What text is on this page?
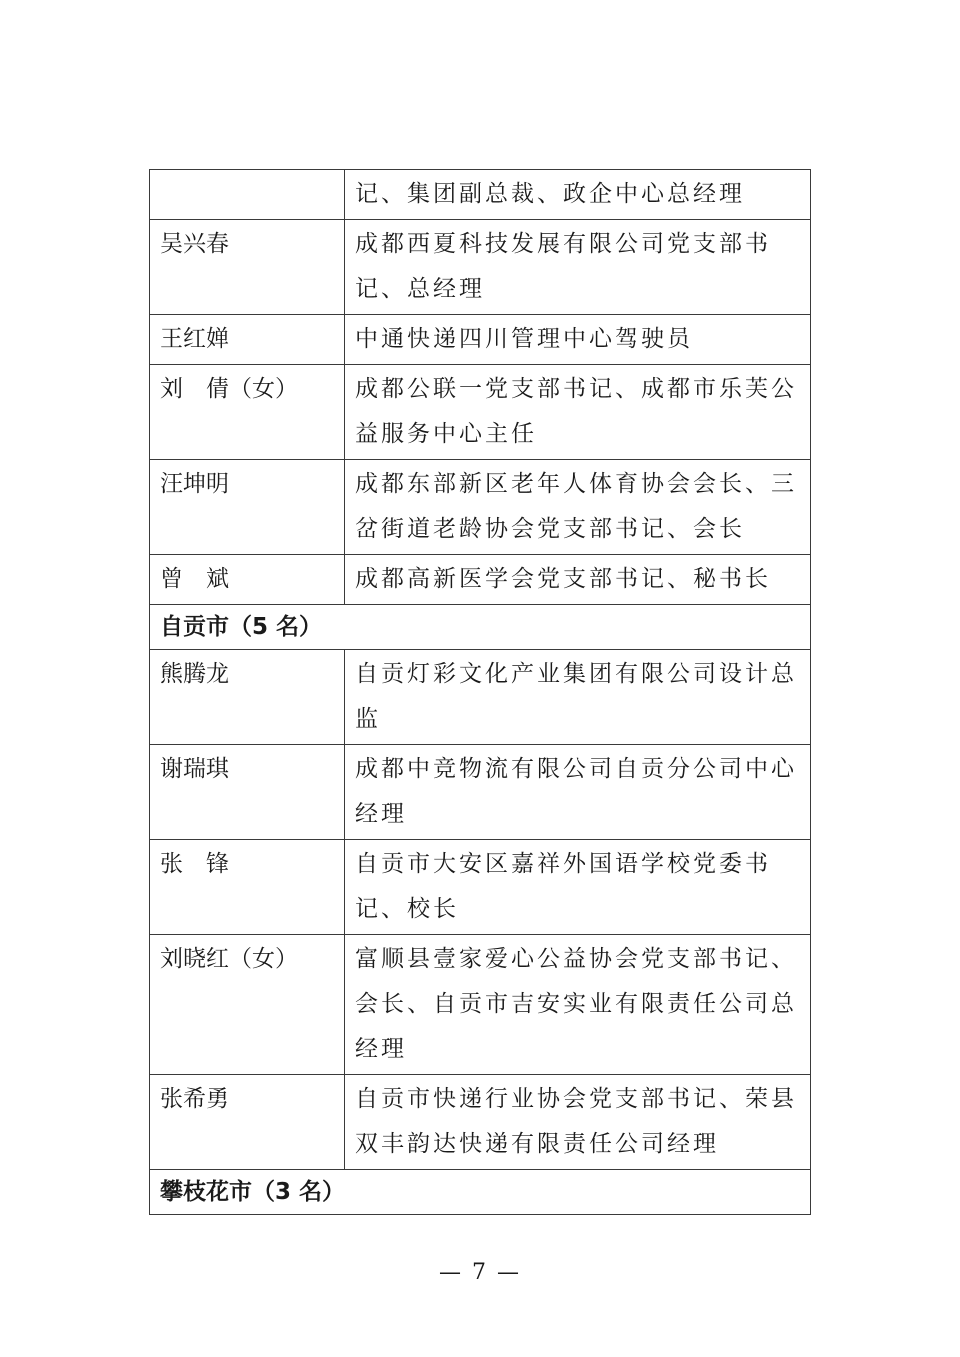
	记、集团副总裁、政企中心总经理
吴兴春	成都西夏科技发展有限公司党支部书记、总经理
王红婵	中通快递四川管理中心驾驶员
刘　倩（女）	成都公联一党支部书记、成都市乐芙公益服务中心主任
汪坤明	成都东部新区老年人体育协会会长、三岔街道老龄协会党支部书记、会长
曾　斌	成都高新医学会党支部书记、秘书长
自贡市（5 名）	
熊腾龙	自贡灯彩文化产业集团有限公司设计总监
谢瑞琪	成都中竞物流有限公司自贡分公司中心经理
张　锋	自贡市大安区嘉祥外国语学校党委书记、校长
刘晓红（女）	富顺县壹家爱心公益协会党支部书记、会长、自贡市吉安实业有限责任公司总经理
张希勇	自贡市快递行业协会党支部书记、荣县双丰韵达快递有限责任公司经理
攀枝花市（3 名）	
— 7 —
